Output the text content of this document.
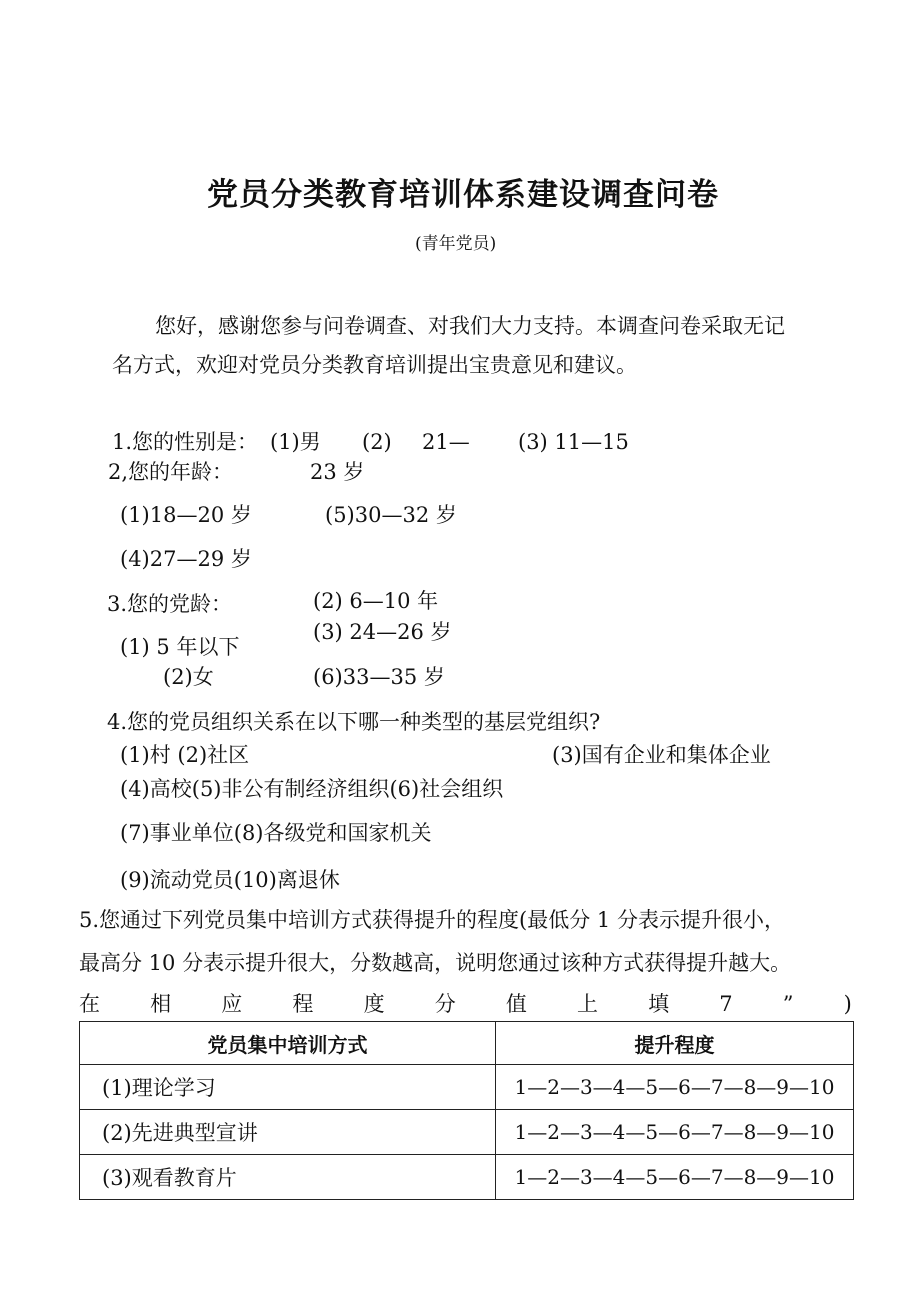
党员分类教育培训体系建设调查问卷
(青年党员)
您好，感谢您参与问卷调查、对我们大力支持。本调查问卷采取无记
名方式，欢迎对党员分类教育培训提出宝贵意见和建议。
1.您的性别是： (1)男 (2) 21— (3) 11—15
2,您的年龄：	23 岁
(1)18—20 岁	(5)30—32 岁
(4)27—29 岁
3.您的党龄：	(2) 6—10 年
(3) 24—26 岁
(1) 5 年以下
(2)女	(6)33—35 岁
4.您的党员组织关系在以下哪一种类型的基层党组织?
(1)村 (2)社区	(3)国有企业和集体企业
(4)高校(5)非公有制经济组织(6)社会组织
(7)事业单位(8)各级党和国家机关
(9)流动党员(10)离退休
5.您通过下列党员集中培训方式获得提升的程度(最低分 1 分表示提升很小，
最高分 10 分表示提升很大，分数越高，说明您通过该种方式获得提升越大。
在 相 应 程 度 分 值 上 填 7 ” )
党员集中培训方式	提升程度
(1)理论学习	1—2—3—4—5—6—7—8—9—10
(2)先进典型宣讲	1—2—3—4—5—6—7—8—9—10
(3)观看教育片	1—2—3—4—5—6—7—8—9—10
